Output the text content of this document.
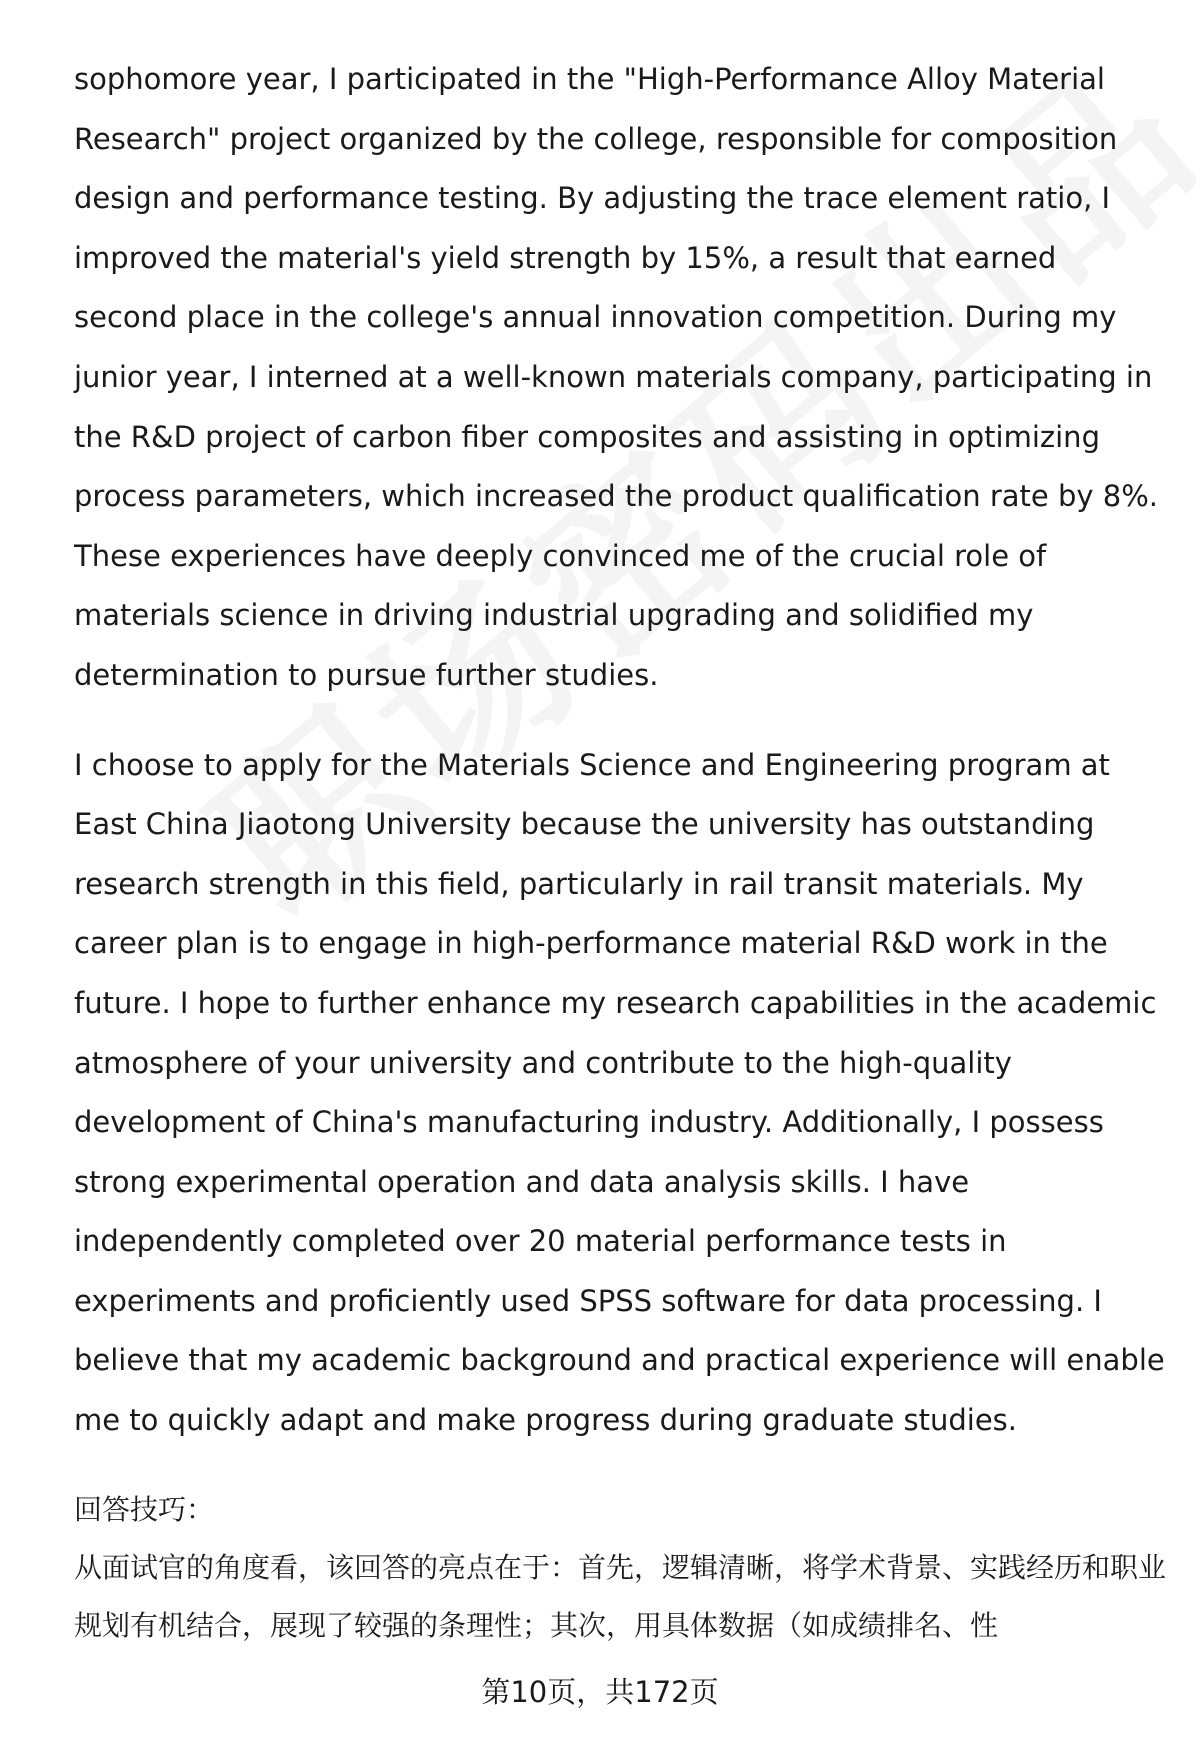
sophomore year, I participated in the "High-Performance Alloy Material Research" project organized by the college, responsible for composition design and performance testing. By adjusting the trace element ratio, I improved the material's yield strength by 15%, a result that earned second place in the college's annual innovation competition. During my junior year, I interned at a well-known materials company, participating in the R&D project of carbon fiber composites and assisting in optimizing process parameters, which increased the product qualification rate by 8%. These experiences have deeply convinced me of the crucial role of materials science in driving industrial upgrading and solidified my determination to pursue further studies.

I choose to apply for the Materials Science and Engineering program at East China Jiaotong University because the university has outstanding research strength in this field, particularly in rail transit materials. My career plan is to engage in high-performance material R&D work in the future. I hope to further enhance my research capabilities in the academic atmosphere of your university and contribute to the high-quality development of China's manufacturing industry. Additionally, I possess strong experimental operation and data analysis skills. I have independently completed over 20 material performance tests in experiments and proficiently used SPSS software for data processing. I believe that my academic background and practical experience will enable me to quickly adapt and make progress during graduate studies.

回答技巧：

从面试官的角度看，该回答的亮点在于：首先，逻辑清晰，将学术背景、实践经历和职业规划有机结合，展现了较强的条理性；其次，用具体数据（如成绩排名、性

第10页，共172页
